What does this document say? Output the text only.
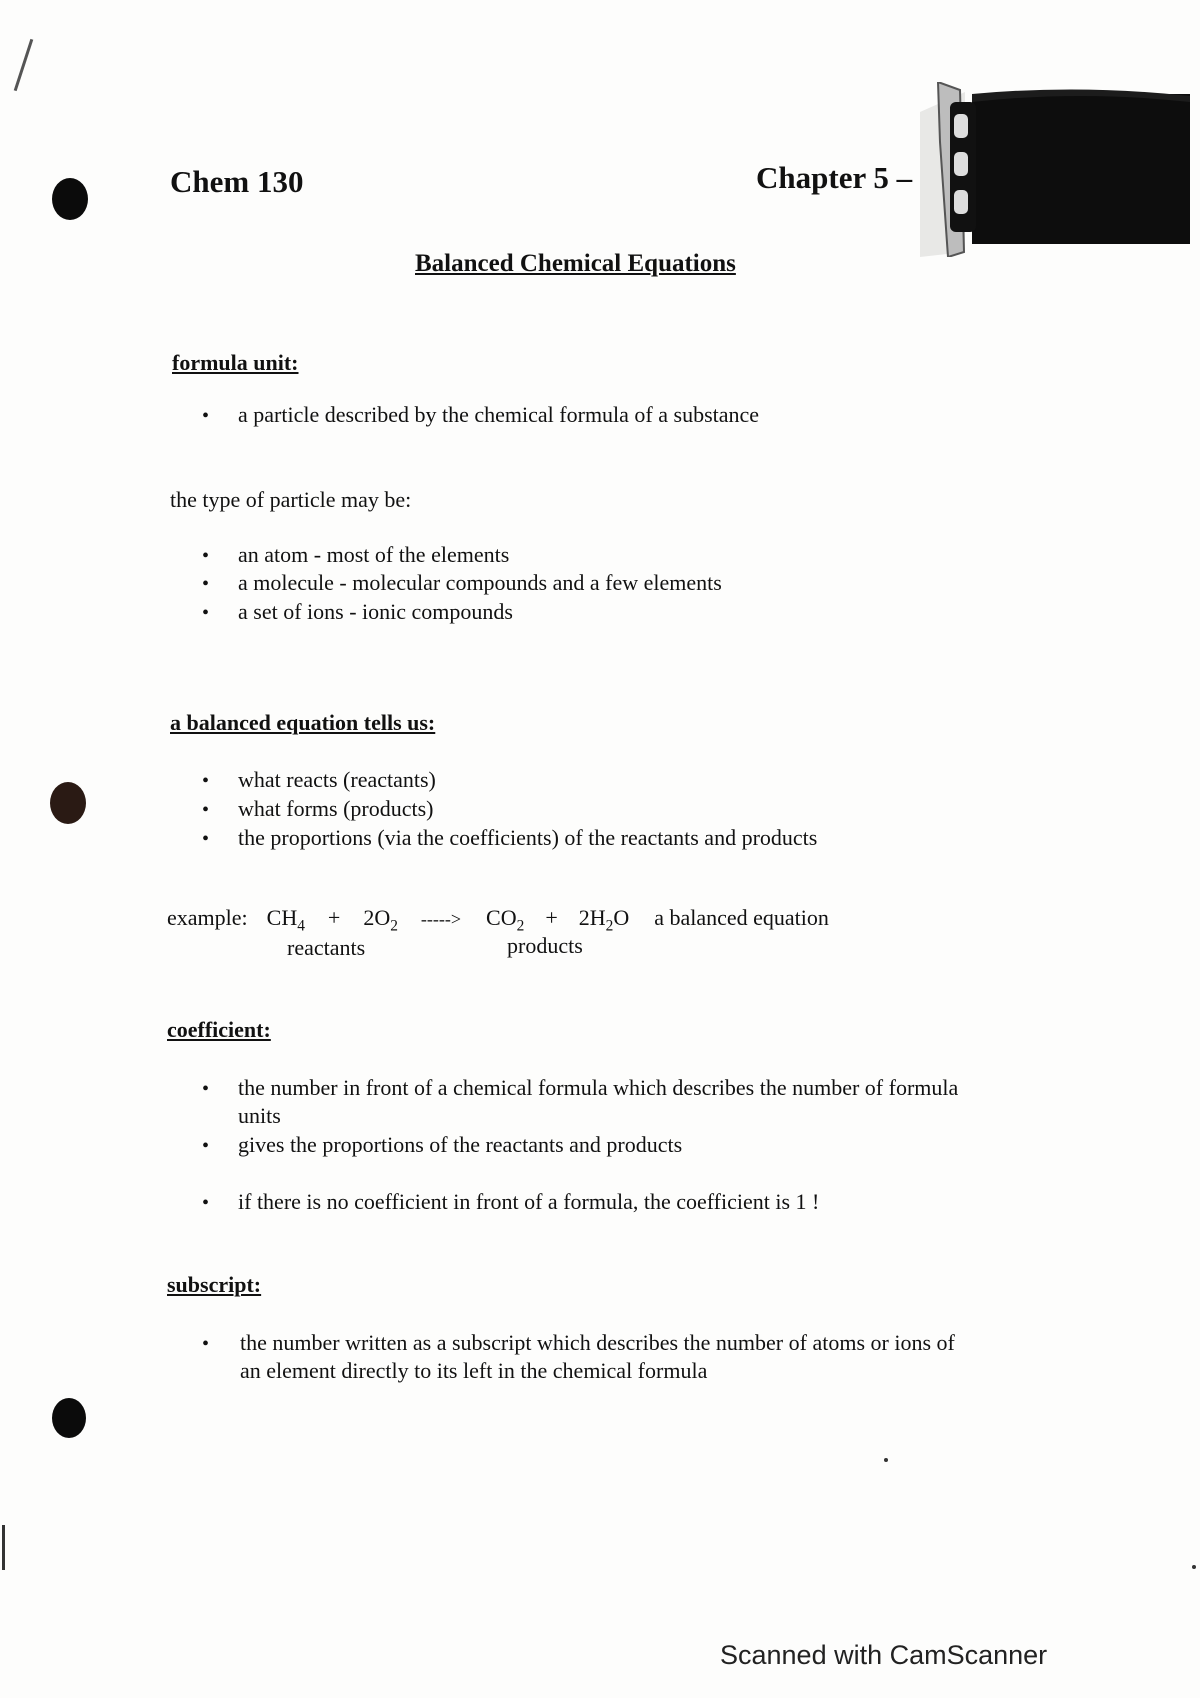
Chem 130	Chapter 5 –
Balanced Chemical Equations
formula unit:
• a particle described by the chemical formula of a substance
the type of particle may be:
• an atom - most of the elements
• a molecule - molecular compounds and a few elements
• a set of ions - ionic compounds
a balanced equation tells us:
• what reacts (reactants)
• what forms (products)
• the proportions (via the coefficients) of the reactants and products
example: $CH_4 + 2O_2$ -----> $CO_2 + 2H_2O$ a balanced equation
reactants	products
coefficient:
• the number in front of a chemical formula which describes the number of formula
units
• gives the proportions of the reactants and products
• if there is no coefficient in front of a formula, the coefficient is 1 !
subscript:
• the number written as a subscript which describes the number of atoms or ions of
an element directly to its left in the chemical formula
Scanned with CamScanner
